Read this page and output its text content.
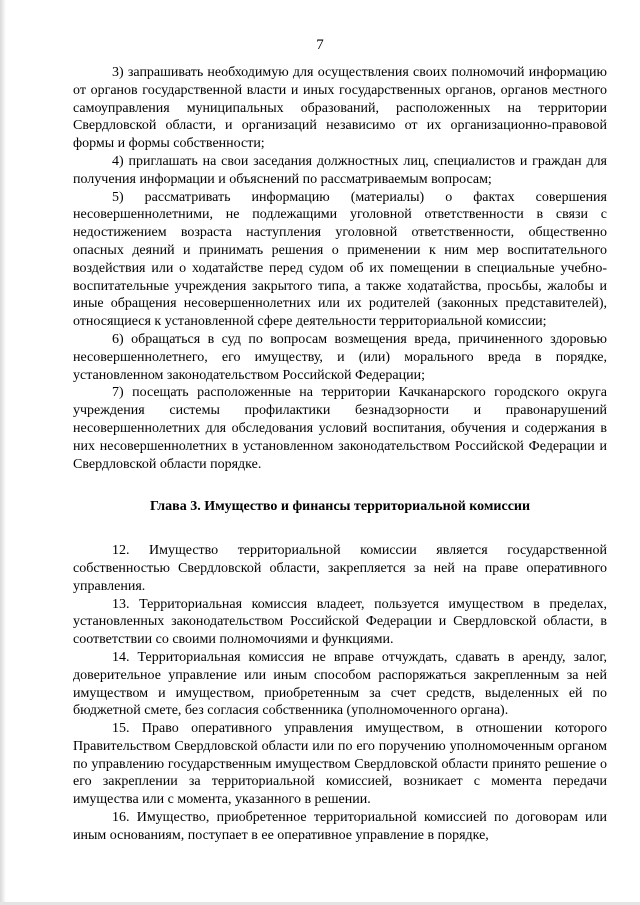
7

3) запрашивать необходимую для осуществления своих полномочий информацию от органов государственной власти и иных государственных органов, органов местного самоуправления муниципальных образований, расположенных на территории Свердловской области, и организаций независимо от их организационно-правовой формы и формы собственности;

4) приглашать на свои заседания должностных лиц, специалистов и граждан для получения информации и объяснений по рассматриваемым вопросам;

5) рассматривать информацию (материалы) о фактах совершения несовершеннолетними, не подлежащими уголовной ответственности в связи с недостижением возраста наступления уголовной ответственности, общественно опасных деяний и принимать решения о применении к ним мер воспитательного воздействия или о ходатайстве перед судом об их помещении в специальные учебно-воспитательные учреждения закрытого типа, а также ходатайства, просьбы, жалобы и иные обращения несовершеннолетних или их родителей (законных представителей), относящиеся к установленной сфере деятельности территориальной комиссии;

6) обращаться в суд по вопросам возмещения вреда, причиненного здоровью несовершеннолетнего, его имуществу, и (или) морального вреда в порядке, установленном законодательством Российской Федерации;

7) посещать расположенные на территории Качканарского городского округа учреждения системы профилактики безнадзорности и правонарушений несовершеннолетних для обследования условий воспитания, обучения и содержания в них несовершеннолетних в установленном законодательством Российской Федерации и Свердловской области порядке.

Глава 3. Имущество и финансы территориальной комиссии

12. Имущество территориальной комиссии является государственной собственностью Свердловской области, закрепляется за ней на праве оперативного управления.

13. Территориальная комиссия владеет, пользуется имуществом в пределах, установленных законодательством Российской Федерации и Свердловской области, в соответствии со своими полномочиями и функциями.

14. Территориальная комиссия не вправе отчуждать, сдавать в аренду, залог, доверительное управление или иным способом распоряжаться закрепленным за ней имуществом и имуществом, приобретенным за счет средств, выделенных ей по бюджетной смете, без согласия собственника (уполномоченного органа).

15. Право оперативного управления имуществом, в отношении которого Правительством Свердловской области или по его поручению уполномоченным органом по управлению государственным имуществом Свердловской области принято решение о его закреплении за территориальной комиссией, возникает с момента передачи имущества или с момента, указанного в решении.

16. Имущество, приобретенное территориальной комиссией по договорам или иным основаниям, поступает в ее оперативное управление в порядке,
